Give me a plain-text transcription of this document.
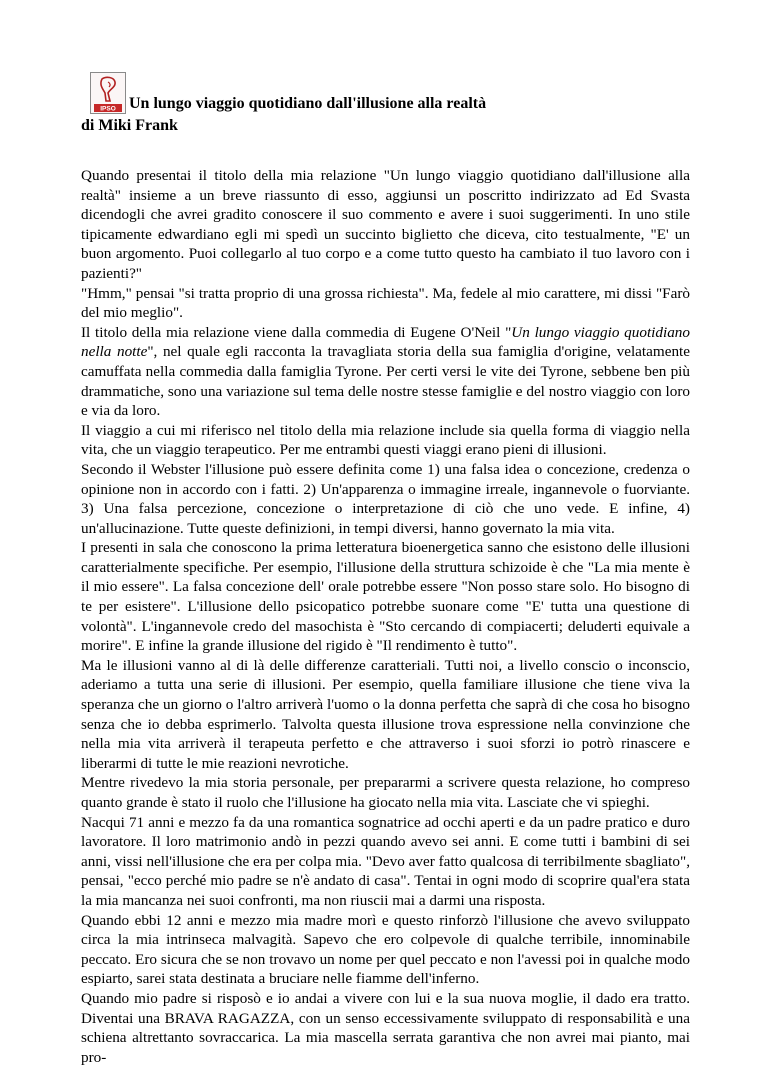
IPSO Un lungo viaggio quotidiano dall'illusione alla realtà
di Miki Frank

Quando presentai il titolo della mia relazione "Un lungo viaggio quotidiano dall'illusione alla realtà" insieme a un breve riassunto di esso, aggiunsi un poscritto indirizzato ad Ed Svasta dicendogli che avrei gradito conoscere il suo commento e avere i suoi suggerimenti. In uno stile tipicamente edwardiano egli mi spedì un succinto biglietto che diceva, cito testualmente, "E' un buon argomento. Puoi collegarlo al tuo corpo e a come tutto questo ha cambiato il tuo lavoro con i pazienti?"

"Hmm," pensai "si tratta proprio di una grossa richiesta". Ma, fedele al mio carattere, mi dissi "Farò del mio meglio".

Il titolo della mia relazione viene dalla commedia di Eugene O'Neil "Un lungo viaggio quotidiano nella notte", nel quale egli racconta la travagliata storia della sua famiglia d'origine, velatamente camuffata nella commedia dalla famiglia Tyrone. Per certi versi le vite dei Tyrone, sebbene ben più drammatiche, sono una variazione sul tema delle nostre stesse famiglie e del nostro viaggio con loro e via da loro.

Il viaggio a cui mi riferisco nel titolo della mia relazione include sia quella forma di viaggio nella vita, che un viaggio terapeutico. Per me entrambi questi viaggi erano pieni di illusioni.

Secondo il Webster l'illusione può essere definita come 1) una falsa idea o concezione, credenza o opinione non in accordo con i fatti. 2) Un'apparenza o immagine irreale, ingannevole o fuorviante. 3) Una falsa percezione, concezione o interpretazione di ciò che uno vede. E infine, 4) un'allucinazione. Tutte queste definizioni, in tempi diversi, hanno governato la mia vita.

I presenti in sala che conoscono la prima letteratura bioenergetica sanno che esistono delle illusioni caratterialmente specifiche. Per esempio, l'illusione della struttura schizoide è che "La mia mente è il mio essere". La falsa concezione dell' orale potrebbe essere "Non posso stare solo. Ho bisogno di te per esistere". L'illusione dello psicopatico potrebbe suonare come "E' tutta una questione di volontà". L'ingannevole credo del masochista è "Sto cercando di compiacerti; deluderti equivale a morire". E infine la grande illusione del rigido è "Il rendimento è tutto".

Ma le illusioni vanno al di là delle differenze caratteriali. Tutti noi, a livello conscio o inconscio, aderiamo a tutta una serie di illusioni. Per esempio, quella familiare illusione che tiene viva la speranza che un giorno o l'altro arriverà l'uomo o la donna perfetta che saprà di che cosa ho bisogno senza che io debba esprimerlo. Talvolta questa illusione trova espressione nella convinzione che nella mia vita arriverà il terapeuta perfetto e che attraverso i suoi sforzi io potrò rinascere e liberarmi di tutte le mie reazioni nevrotiche.

Mentre rivedevo la mia storia personale, per prepararmi a scrivere questa relazione, ho compreso quanto grande è stato il ruolo che l'illusione ha giocato nella mia vita. Lasciate che vi spieghi.

Nacqui 71 anni e mezzo fa da una romantica sognatrice ad occhi aperti e da un padre pratico e duro lavoratore. Il loro matrimonio andò in pezzi quando avevo sei anni. E come tutti i bambini di sei anni, vissi nell'illusione che era per colpa mia. "Devo aver fatto qualcosa di terribilmente sbagliato", pensai, "ecco perché mio padre se n'è andato di casa". Tentai in ogni modo di scoprire qual'era stata la mia mancanza nei suoi confronti, ma non riuscii mai a darmi una risposta.

Quando ebbi 12 anni e mezzo mia madre morì e questo rinforzò l'illusione che avevo sviluppato circa la mia intrinseca malvagità. Sapevo che ero colpevole di qualche terribile, innominabile peccato. Ero sicura che se non trovavo un nome per quel peccato e non l'avessi poi in qualche modo espiarto, sarei stata destinata a bruciare nelle fiamme dell'inferno.

Quando mio padre si risposò e io andai a vivere con lui e la sua nuova moglie, il dado era tratto. Diventai una BRAVA RAGAZZA, con un senso eccessivamente sviluppato di responsabilità e una schiena altrettanto sovraccarica. La mia mascella serrata garantiva che non avrei mai pianto, mai pro-
